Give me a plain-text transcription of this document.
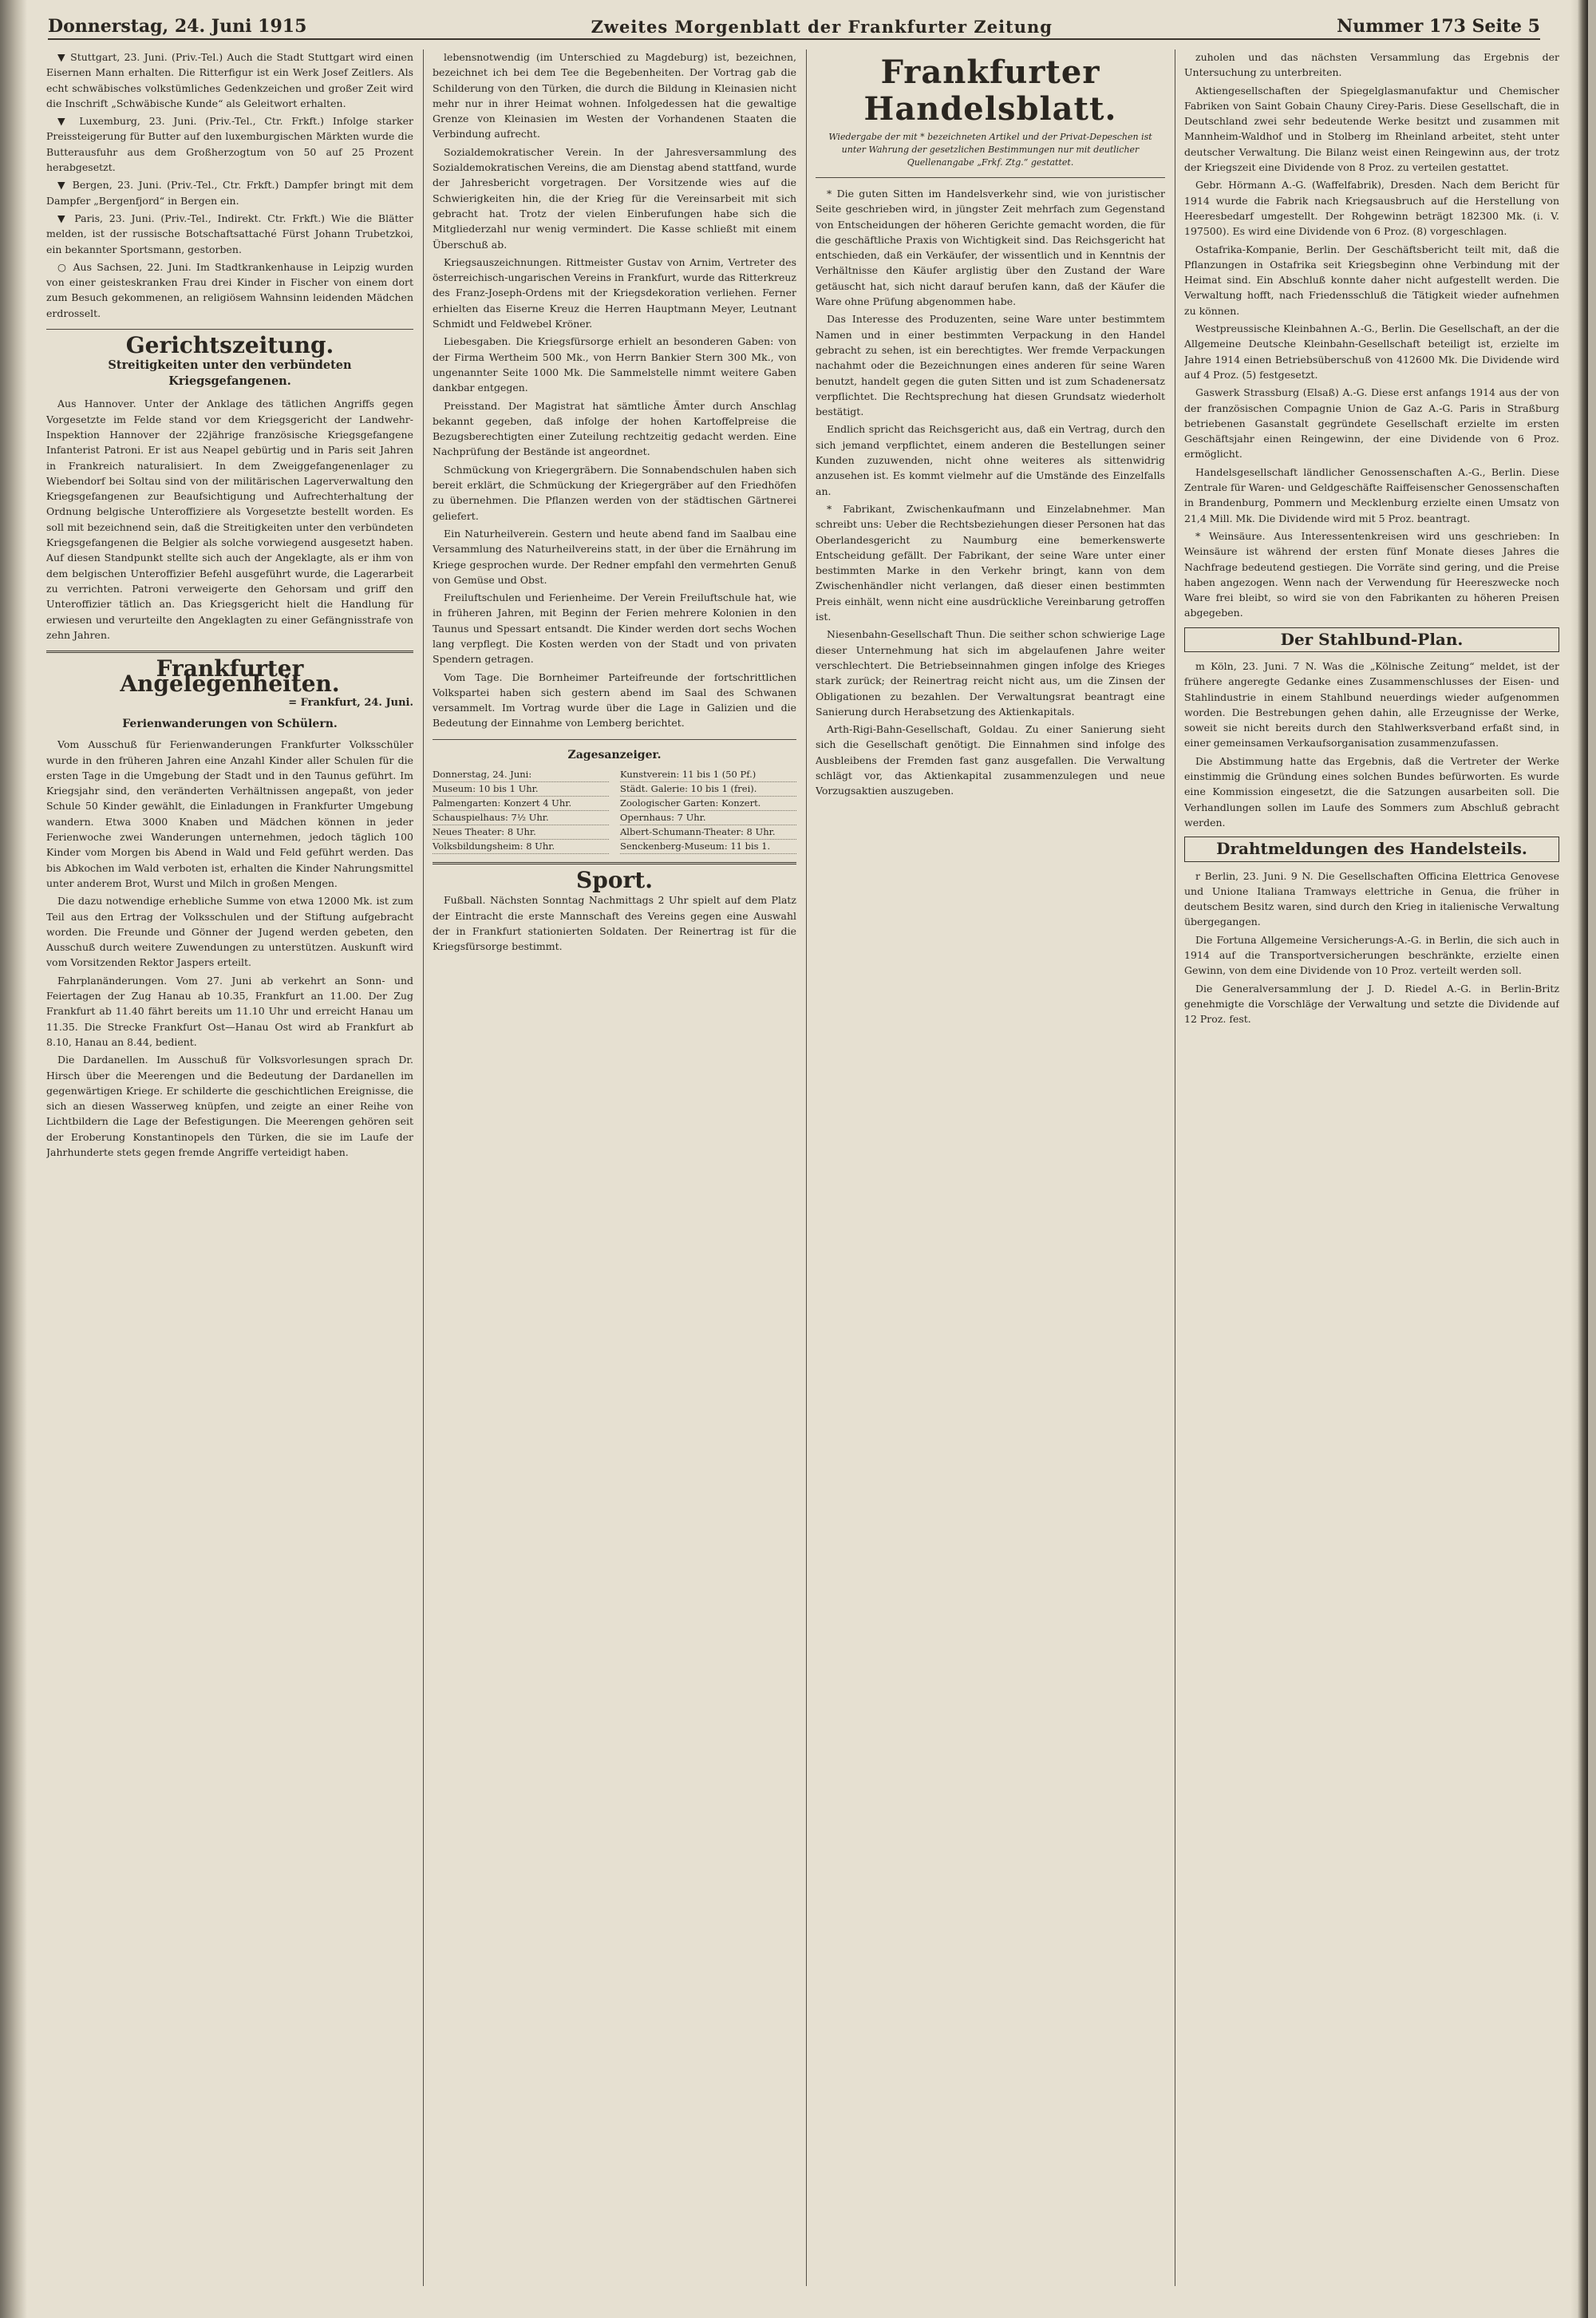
Donnerstag, 24. Juni 1915	Zweites Morgenblatt der Frankfurter Zeitung	Nummer 173 Seite 5

▼ Stuttgart, 23. Juni. (Priv.-Tel.) Auch die Stadt Stuttgart wird einen Eisernen Mann erhalten. Die Ritterfigur ist ein Werk Josef Zeitlers. Als echt schwäbisches volkstümliches Gedenkzeichen und großer Zeit wird die Inschrift „Schwäbische Kunde“ als Geleitwort erhalten.

▼ Luxemburg, 23. Juni. (Priv.-Tel., Ctr. Frkft.) Infolge starker Preissteigerung für Butter auf den luxemburgischen Märkten wurde die Butterausfuhr aus dem Großherzogtum von 50 auf 25 Prozent herabgesetzt.

▼ Bergen, 23. Juni. (Priv.-Tel., Ctr. Frkft.) Dampfer bringt mit dem Dampfer „Bergenfjord“ in Bergen ein.

▼ Paris, 23. Juni. (Priv.-Tel., Indirekt. Ctr. Frkft.) Wie die Blätter melden, ist der russische Botschaftsattaché Fürst Johann Trubetzkoi, ein bekannter Sportsmann, gestorben.

○ Aus Sachsen, 22. Juni. Im Stadtkrankenhause in Leipzig wurden von einer geisteskranken Frau drei Kinder in Fischer von einem dort zum Besuch gekommenen, an religiösem Wahnsinn leidenden Mädchen erdrosselt.

Gerichtszeitung.
Streitigkeiten unter den verbündeten Kriegsgefangenen.

Aus Hannover. Unter der Anklage des tätlichen Angriffs gegen Vorgesetzte im Felde stand vor dem Kriegsgericht der Landwehr-Inspektion Hannover der 22jährige französische Kriegsgefangene Infanterist Patroni. Er ist aus Neapel gebürtig und in Paris seit Jahren in Frankreich naturalisiert. In dem Zweiggefangenenlager zu Wiebendorf bei Soltau sind von der militärischen Lagerverwaltung den Kriegsgefangenen zur Beaufsichtigung und Aufrechterhaltung der Ordnung belgische Unteroffiziere als Vorgesetzte bestellt worden. Es soll mit bezeichnend sein, daß die Streitigkeiten unter den verbündeten Kriegsgefangenen die Belgier als solche vorwiegend ausgesetzt haben. Auf diesen Standpunkt stellte sich auch der Angeklagte, als er ihm von dem belgischen Unteroffizier Befehl ausgeführt wurde, die Lagerarbeit zu verrichten. Patroni verweigerte den Gehorsam und griff den Unteroffizier tätlich an. Das Kriegsgericht hielt die Handlung für erwiesen und verurteilte den Angeklagten zu einer Gefängnisstrafe von zehn Jahren.

Frankfurter Angelegenheiten.
= Frankfurt, 24. Juni.
Ferienwanderungen von Schülern.

Vom Ausschuß für Ferienwanderungen Frankfurter Volksschüler wurde in den früheren Jahren eine Anzahl Kinder aller Schulen für die ersten Tage in die Umgebung der Stadt und in den Taunus geführt. Im Kriegsjahr sind, den veränderten Verhältnissen angepaßt, von jeder Schule 50 Kinder gewählt, die Einladungen in Frankfurter Umgebung wandern. Etwa 3000 Knaben und Mädchen können in jeder Ferienwoche zwei Wanderungen unternehmen, jedoch täglich 100 Kinder vom Morgen bis Abend in Wald und Feld geführt werden. Das bis Abkochen im Wald verboten ist, erhalten die Kinder Nahrungsmittel unter anderem Brot, Wurst und Milch in großen Mengen.

Die dazu notwendige erhebliche Summe von etwa 12000 Mk. ist zum Teil aus den Ertrag der Volksschulen und der Stiftung aufgebracht worden. Die Freunde und Gönner der Jugend werden gebeten, den Ausschuß durch weitere Zuwendungen zu unterstützen. Auskunft wird vom Vorsitzenden Rektor Jaspers erteilt.

Fahrplanänderungen. Vom 27. Juni ab verkehrt an Sonn- und Feiertagen der Zug Hanau ab 10.35, Frankfurt an 11.00. Der Zug Frankfurt ab 11.40 fährt bereits um 11.10 Uhr und erreicht Hanau um 11.35. Die Strecke Frankfurt Ost—Hanau Ost wird ab Frankfurt ab 8.10, Hanau an 8.44, bedient.

Die Dardanellen. Im Ausschuß für Volksvorlesungen sprach Dr. Hirsch über die Meerengen und die Bedeutung der Dardanellen im gegenwärtigen Kriege. Er schilderte die geschichtlichen Ereignisse, die sich an diesen Wasserweg knüpfen, und zeigte an einer Reihe von Lichtbildern die Lage der Befestigungen. Die Meerengen gehören seit der Eroberung Konstantinopels den Türken, die sie im Laufe der Jahrhunderte stets gegen fremde Angriffe verteidigt haben.

lebensnotwendig (im Unterschied zu Magdeburg) ist, bezeichnen, bezeichnet ich bei dem Tee die Begebenheiten. Der Vortrag gab die Schilderung von den Türken, die durch die Bildung in Kleinasien nicht mehr nur in ihrer Heimat wohnen. Infolgedessen hat die gewaltige Grenze von Kleinasien im Westen der Vorhandenen Staaten die Verbindung aufrecht.

Sozialdemokratischer Verein. In der Jahresversammlung des Sozialdemokratischen Vereins, die am Dienstag abend stattfand, wurde der Jahresbericht vorgetragen. Der Vorsitzende wies auf die Schwierigkeiten hin, die der Krieg für die Vereinsarbeit mit sich gebracht hat. Trotz der vielen Einberufungen habe sich die Mitgliederzahl nur wenig vermindert. Die Kasse schließt mit einem Überschuß ab.

Kriegsauszeichnungen. Rittmeister Gustav von Arnim, Vertreter des österreichisch-ungarischen Vereins in Frankfurt, wurde das Ritterkreuz des Franz-Joseph-Ordens mit der Kriegsdekoration verliehen. Ferner erhielten das Eiserne Kreuz die Herren Hauptmann Meyer, Leutnant Schmidt und Feldwebel Kröner.

Liebesgaben. Die Kriegsfürsorge erhielt an besonderen Gaben: von der Firma Wertheim 500 Mk., von Herrn Bankier Stern 300 Mk., von ungenannter Seite 1000 Mk. Die Sammelstelle nimmt weitere Gaben dankbar entgegen.

Preisstand. Der Magistrat hat sämtliche Ämter durch Anschlag bekannt gegeben, daß infolge der hohen Kartoffelpreise die Bezugsberechtigten einer Zuteilung rechtzeitig gedacht werden. Eine Nachprüfung der Bestände ist angeordnet.

Schmückung von Kriegergräbern. Die Sonnabendschulen haben sich bereit erklärt, die Schmückung der Kriegergräber auf den Friedhöfen zu übernehmen. Die Pflanzen werden von der städtischen Gärtnerei geliefert.

Ein Naturheilverein. Gestern und heute abend fand im Saalbau eine Versammlung des Naturheilvereins statt, in der über die Ernährung im Kriege gesprochen wurde. Der Redner empfahl den vermehrten Genuß von Gemüse und Obst.

Freiluftschulen und Ferienheime. Der Verein Freiluftschule hat, wie in früheren Jahren, mit Beginn der Ferien mehrere Kolonien in den Taunus und Spessart entsandt. Die Kinder werden dort sechs Wochen lang verpflegt. Die Kosten werden von der Stadt und von privaten Spendern getragen.

Vom Tage. Die Bornheimer Parteifreunde der fortschrittlichen Volkspartei haben sich gestern abend im Saal des Schwanen versammelt. Im Vortrag wurde über die Lage in Galizien und die Bedeutung der Einnahme von Lemberg berichtet.

Zagesanzeiger.
Donnerstag, 24. Juni:	Kunstverein: 11 bis 1 (50 Pf.)
Museum: 10 bis 1 Uhr.	Städt. Galerie: 10 bis 1 (frei).
Palmengarten: Konzert 4 Uhr.	Zoologischer Garten: Konzert.
Schauspielhaus: 7½ Uhr.	Opernhaus: 7 Uhr.
Neues Theater: 8 Uhr.	Albert-Schumann-Theater: 8 Uhr.
Volksbildungsheim: 8 Uhr.	Senckenberg-Museum: 11 bis 1.
Sport.

Fußball. Nächsten Sonntag Nachmittags 2 Uhr spielt auf dem Platz der Eintracht die erste Mannschaft des Vereins gegen eine Auswahl der in Frankfurt stationierten Soldaten. Der Reinertrag ist für die Kriegsfürsorge bestimmt.

Frankfurter Handelsblatt.
Wiedergabe der mit * bezeichneten Artikel und der Privat-Depeschen ist unter Wahrung der gesetzlichen Bestimmungen nur mit deutlicher Quellenangabe „Frkf. Ztg.“ gestattet.

* Die guten Sitten im Handelsverkehr sind, wie von juristischer Seite geschrieben wird, in jüngster Zeit mehrfach zum Gegenstand von Entscheidungen der höheren Gerichte gemacht worden, die für die geschäftliche Praxis von Wichtigkeit sind. Das Reichsgericht hat entschieden, daß ein Verkäufer, der wissentlich und in Kenntnis der Verhältnisse den Käufer arglistig über den Zustand der Ware getäuscht hat, sich nicht darauf berufen kann, daß der Käufer die Ware ohne Prüfung abgenommen habe.

Das Interesse des Produzenten, seine Ware unter bestimmtem Namen und in einer bestimmten Verpackung in den Handel gebracht zu sehen, ist ein berechtigtes. Wer fremde Verpackungen nachahmt oder die Bezeichnungen eines anderen für seine Waren benutzt, handelt gegen die guten Sitten und ist zum Schadenersatz verpflichtet. Die Rechtsprechung hat diesen Grundsatz wiederholt bestätigt.

Endlich spricht das Reichsgericht aus, daß ein Vertrag, durch den sich jemand verpflichtet, einem anderen die Bestellungen seiner Kunden zuzuwenden, nicht ohne weiteres als sittenwidrig anzusehen ist. Es kommt vielmehr auf die Umstände des Einzelfalls an.

* Fabrikant, Zwischenkaufmann und Einzelabnehmer. Man schreibt uns: Ueber die Rechtsbeziehungen dieser Personen hat das Oberlandesgericht zu Naumburg eine bemerkenswerte Entscheidung gefällt. Der Fabrikant, der seine Ware unter einer bestimmten Marke in den Verkehr bringt, kann von dem Zwischenhändler nicht verlangen, daß dieser einen bestimmten Preis einhält, wenn nicht eine ausdrückliche Vereinbarung getroffen ist.

Niesenbahn-Gesellschaft Thun. Die seither schon schwierige Lage dieser Unternehmung hat sich im abgelaufenen Jahre weiter verschlechtert. Die Betriebseinnahmen gingen infolge des Krieges stark zurück; der Reinertrag reicht nicht aus, um die Zinsen der Obligationen zu bezahlen. Der Verwaltungsrat beantragt eine Sanierung durch Herabsetzung des Aktienkapitals.

Arth-Rigi-Bahn-Gesellschaft, Goldau. Zu einer Sanierung sieht sich die Gesellschaft genötigt. Die Einnahmen sind infolge des Ausbleibens der Fremden fast ganz ausgefallen. Die Verwaltung schlägt vor, das Aktienkapital zusammenzulegen und neue Vorzugsaktien auszugeben.

zuholen und das nächsten Versammlung das Ergebnis der Untersuchung zu unterbreiten.

Aktiengesellschaften der Spiegelglasmanufaktur und Chemischer Fabriken von Saint Gobain Chauny Cirey-Paris. Diese Gesellschaft, die in Deutschland zwei sehr bedeutende Werke besitzt und zusammen mit Mannheim-Waldhof und in Stolberg im Rheinland arbeitet, steht unter deutscher Verwaltung. Die Bilanz weist einen Reingewinn aus, der trotz der Kriegszeit eine Dividende von 8 Proz. zu verteilen gestattet.

Gebr. Hörmann A.-G. (Waffelfabrik), Dresden. Nach dem Bericht für 1914 wurde die Fabrik nach Kriegsausbruch auf die Herstellung von Heeresbedarf umgestellt. Der Rohgewinn beträgt 182300 Mk. (i. V. 197500). Es wird eine Dividende von 6 Proz. (8) vorgeschlagen.

Ostafrika-Kompanie, Berlin. Der Geschäftsbericht teilt mit, daß die Pflanzungen in Ostafrika seit Kriegsbeginn ohne Verbindung mit der Heimat sind. Ein Abschluß konnte daher nicht aufgestellt werden. Die Verwaltung hofft, nach Friedensschluß die Tätigkeit wieder aufnehmen zu können.

Westpreussische Kleinbahnen A.-G., Berlin. Die Gesellschaft, an der die Allgemeine Deutsche Kleinbahn-Gesellschaft beteiligt ist, erzielte im Jahre 1914 einen Betriebsüberschuß von 412600 Mk. Die Dividende wird auf 4 Proz. (5) festgesetzt.

Gaswerk Strassburg (Elsaß) A.-G. Diese erst anfangs 1914 aus der von der französischen Compagnie Union de Gaz A.-G. Paris in Straßburg betriebenen Gasanstalt gegründete Gesellschaft erzielte im ersten Geschäftsjahr einen Reingewinn, der eine Dividende von 6 Proz. ermöglicht.

Handelsgesellschaft ländlicher Genossenschaften A.-G., Berlin. Diese Zentrale für Waren- und Geldgeschäfte Raiffeisenscher Genossenschaften in Brandenburg, Pommern und Mecklenburg erzielte einen Umsatz von 21,4 Mill. Mk. Die Dividende wird mit 5 Proz. beantragt.

* Weinsäure. Aus Interessentenkreisen wird uns geschrieben: In Weinsäure ist während der ersten fünf Monate dieses Jahres die Nachfrage bedeutend gestiegen. Die Vorräte sind gering, und die Preise haben angezogen. Wenn nach der Verwendung für Heereszwecke noch Ware frei bleibt, so wird sie von den Fabrikanten zu höheren Preisen abgegeben.

Der Stahlbund-Plan.

m Köln, 23. Juni. 7 N. Was die „Kölnische Zeitung“ meldet, ist der frühere angeregte Gedanke eines Zusammenschlusses der Eisen- und Stahlindustrie in einem Stahlbund neuerdings wieder aufgenommen worden. Die Bestrebungen gehen dahin, alle Erzeugnisse der Werke, soweit sie nicht bereits durch den Stahlwerksverband erfaßt sind, in einer gemeinsamen Verkaufsorganisation zusammenzufassen.

Die Abstimmung hatte das Ergebnis, daß die Vertreter der Werke einstimmig die Gründung eines solchen Bundes befürworten. Es wurde eine Kommission eingesetzt, die die Satzungen ausarbeiten soll. Die Verhandlungen sollen im Laufe des Sommers zum Abschluß gebracht werden.

Drahtmeldungen des Handelsteils.

r Berlin, 23. Juni. 9 N. Die Gesellschaften Officina Elettrica Genovese und Unione Italiana Tramways elettriche in Genua, die früher in deutschem Besitz waren, sind durch den Krieg in italienische Verwaltung übergegangen.

Die Fortuna Allgemeine Versicherungs-A.-G. in Berlin, die sich auch in 1914 auf die Transportversicherungen beschränkte, erzielte einen Gewinn, von dem eine Dividende von 10 Proz. verteilt werden soll.

Die Generalversammlung der J. D. Riedel A.-G. in Berlin-Britz genehmigte die Vorschläge der Verwaltung und setzte die Dividende auf 12 Proz. fest.
